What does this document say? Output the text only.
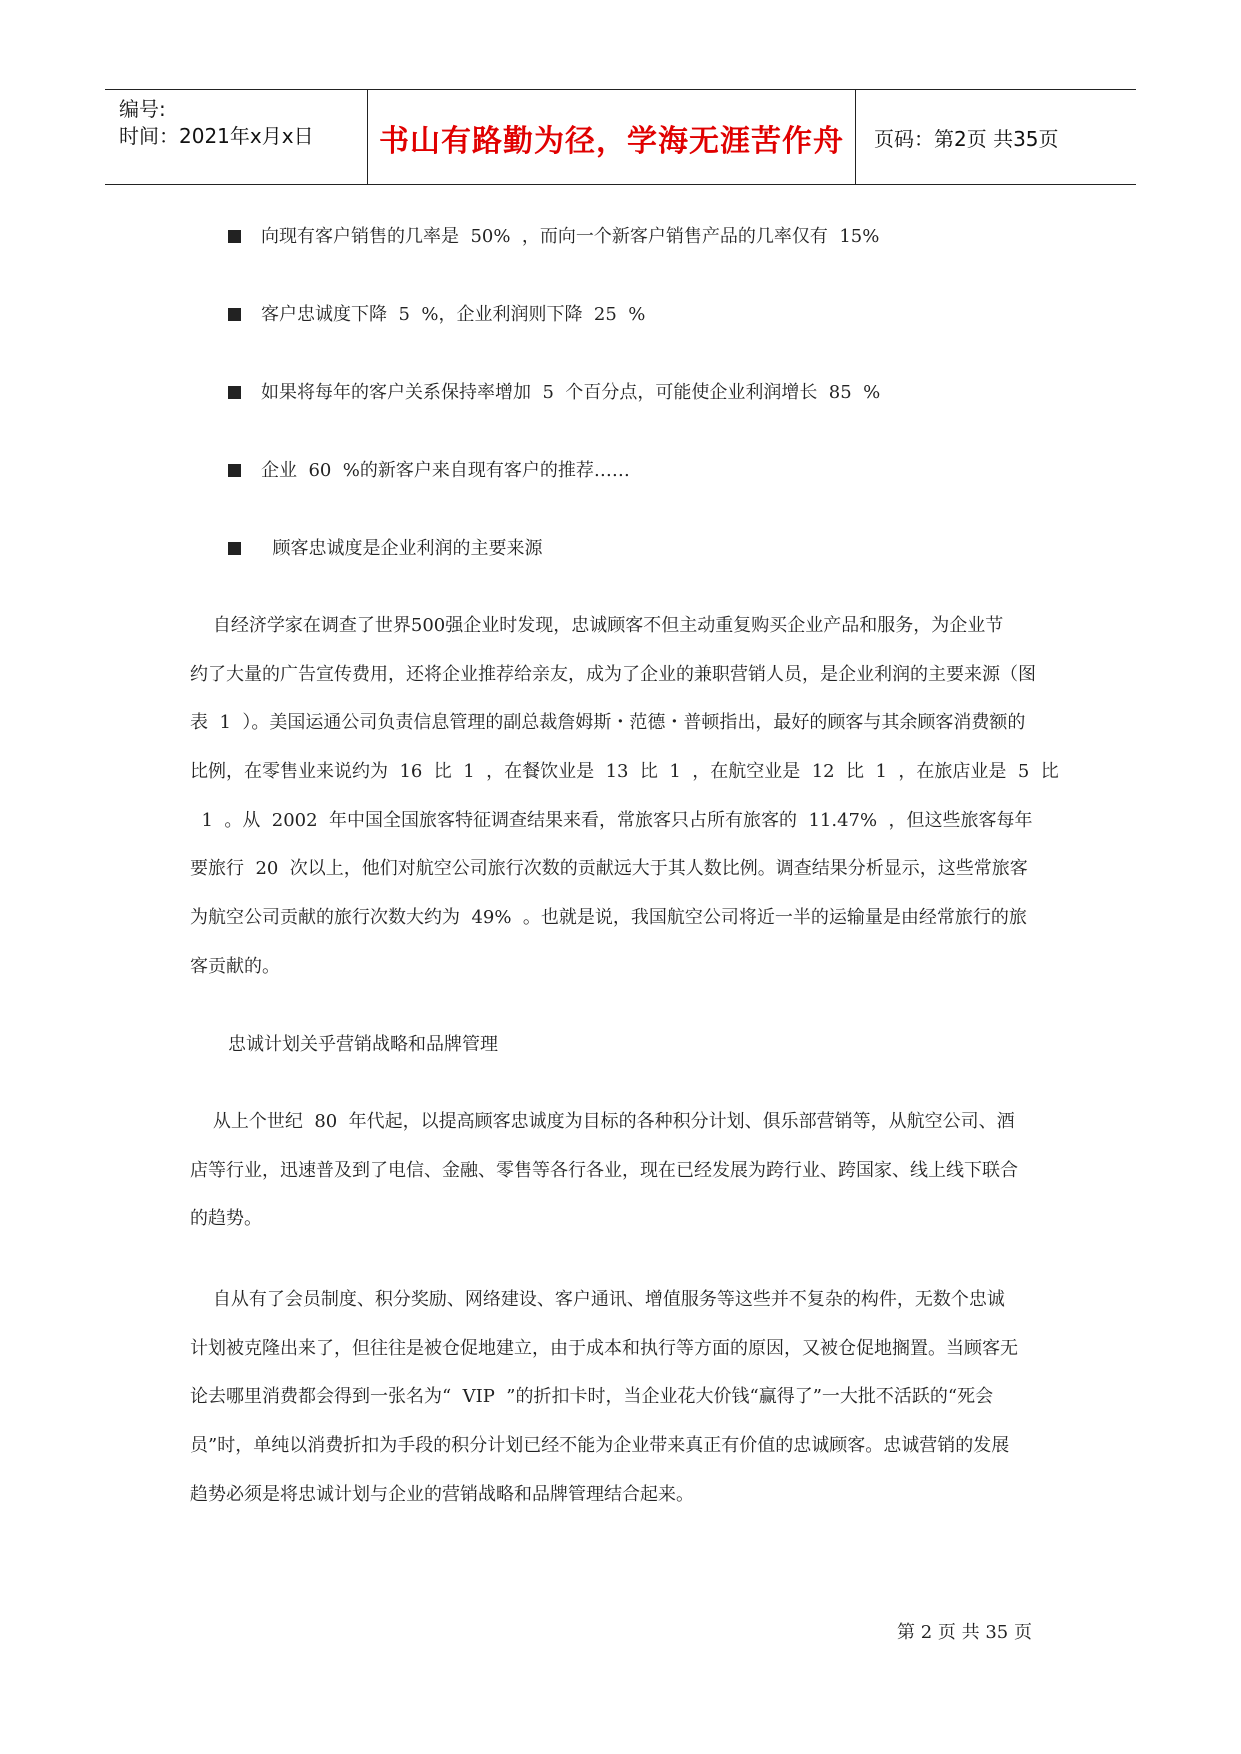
编号:
时间：2021年x月x日	书山有路勤为径，学海无涯苦作舟	页码：第2页 共35页
向现有客户销售的几率是  50%  ，而向一个新客户销售产品的几率仅有  15%
客户忠诚度下降  5  %，企业利润则下降  25  %
如果将每年的客户关系保持率增加  5  个百分点，可能使企业利润增长  85  %
企业  60  %的新客户来自现有客户的推荐……
顾客忠诚度是企业利润的主要来源
自经济学家在调查了世界500强企业时发现，忠诚顾客不但主动重复购买企业产品和服务，为企业节
约了大量的广告宣传费用，还将企业推荐给亲友，成为了企业的兼职营销人员，是企业利润的主要来源（图
表  1  ）。美国运通公司负责信息管理的副总裁詹姆斯・范德・普顿指出，最好的顾客与其余顾客消费额的
比例，在零售业来说约为  16  比  1  ，在餐饮业是  13  比  1  ，在航空业是  12  比  1  ，在旅店业是  5  比
1  。从  2002  年中国全国旅客特征调查结果来看，常旅客只占所有旅客的  11.47%  ，但这些旅客每年
要旅行  20  次以上，他们对航空公司旅行次数的贡献远大于其人数比例。调查结果分析显示，这些常旅客
为航空公司贡献的旅行次数大约为  49%  。也就是说，我国航空公司将近一半的运输量是由经常旅行的旅
客贡献的。
忠诚计划关乎营销战略和品牌管理
从上个世纪  80  年代起，以提高顾客忠诚度为目标的各种积分计划、俱乐部营销等，从航空公司、酒
店等行业，迅速普及到了电信、金融、零售等各行各业，现在已经发展为跨行业、跨国家、线上线下联合
的趋势。
自从有了会员制度、积分奖励、网络建设、客户通讯、增值服务等这些并不复杂的构件，无数个忠诚
计划被克隆出来了，但往往是被仓促地建立，由于成本和执行等方面的原因，又被仓促地搁置。当顾客无
论去哪里消费都会得到一张名为“  VIP  ”的折扣卡时，当企业花大价钱“赢得了”一大批不活跃的“死会
员”时，单纯以消费折扣为手段的积分计划已经不能为企业带来真正有价值的忠诚顾客。忠诚营销的发展
趋势必须是将忠诚计划与企业的营销战略和品牌管理结合起来。
第 2 页 共 35 页
